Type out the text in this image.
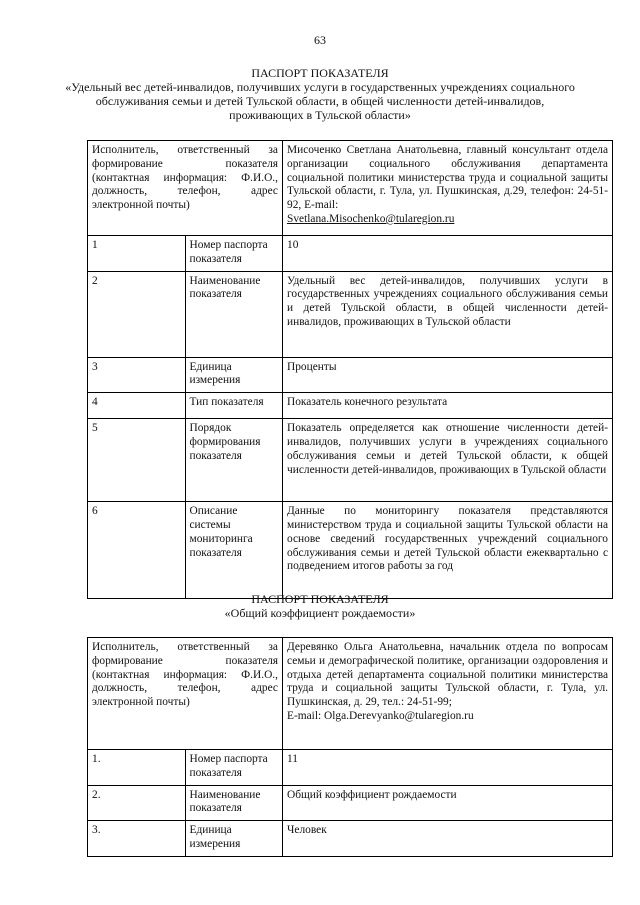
63
ПАСПОРТ ПОКАЗАТЕЛЯ
«Удельный вес детей-инвалидов, получивших услуги в государственных учреждениях социального обслуживания семьи и детей Тульской области, в общей численности детей-инвалидов, проживающих в Тульской области»
Исполнитель, ответственный за формирование показателя (контактная информация: Ф.И.О., должность, телефон, адрес электронной почты)		Мисоченко Светлана Анатольевна, главный консультант отдела организации социального обслуживания департамента социальной политики министерства труда и социальной защиты Тульской области, г. Тула, ул. Пушкинская, д.29, телефон: 24-51-92, E-mail:
Svetlana.Misochenko@tularegion.ru
1	Номер паспорта показателя	10
2	Наименование показателя	Удельный вес детей-инвалидов, получивших услуги в государственных учреждениях социального обслуживания семьи и детей Тульской области, в общей численности детей-инвалидов, проживающих в Тульской области

3	Единица измерения	Проценты
4	Тип показателя	Показатель конечного результата
5	Порядок формирования показателя	Показатель определяется как отношение численности детей-инвалидов, получивших услуги в учреждениях социального обслуживания семьи и детей Тульской области, к общей численности детей-инвалидов, проживающих в Тульской области

6	Описание системы мониторинга показателя	Данные по мониторингу показателя представляются министерством труда и социальной защиты Тульской области на основе сведений государственных учреждений социального обслуживания семьи и детей Тульской области ежеквартально с подведением итогов работы за год
ПАСПОРТ ПОКАЗАТЕЛЯ
«Общий коэффициент рождаемости»
Исполнитель, ответственный за формирование показателя (контактная информация: Ф.И.О., должность, телефон, адрес электронной почты)		Деревянко Ольга Анатольевна, начальник отдела по вопросам семьи и демографической политике, организации оздоровления и отдыха детей департамента социальной политики министерства труда и социальной защиты Тульской области, г. Тула, ул. Пушкинская, д. 29, тел.: 24-51-99;
E-mail: Olga.Derevyanko@tularegion.ru
1.	Номер паспорта показателя	11
2.	Наименование показателя	Общий коэффициент рождаемости
3.	Единица измерения	Человек
